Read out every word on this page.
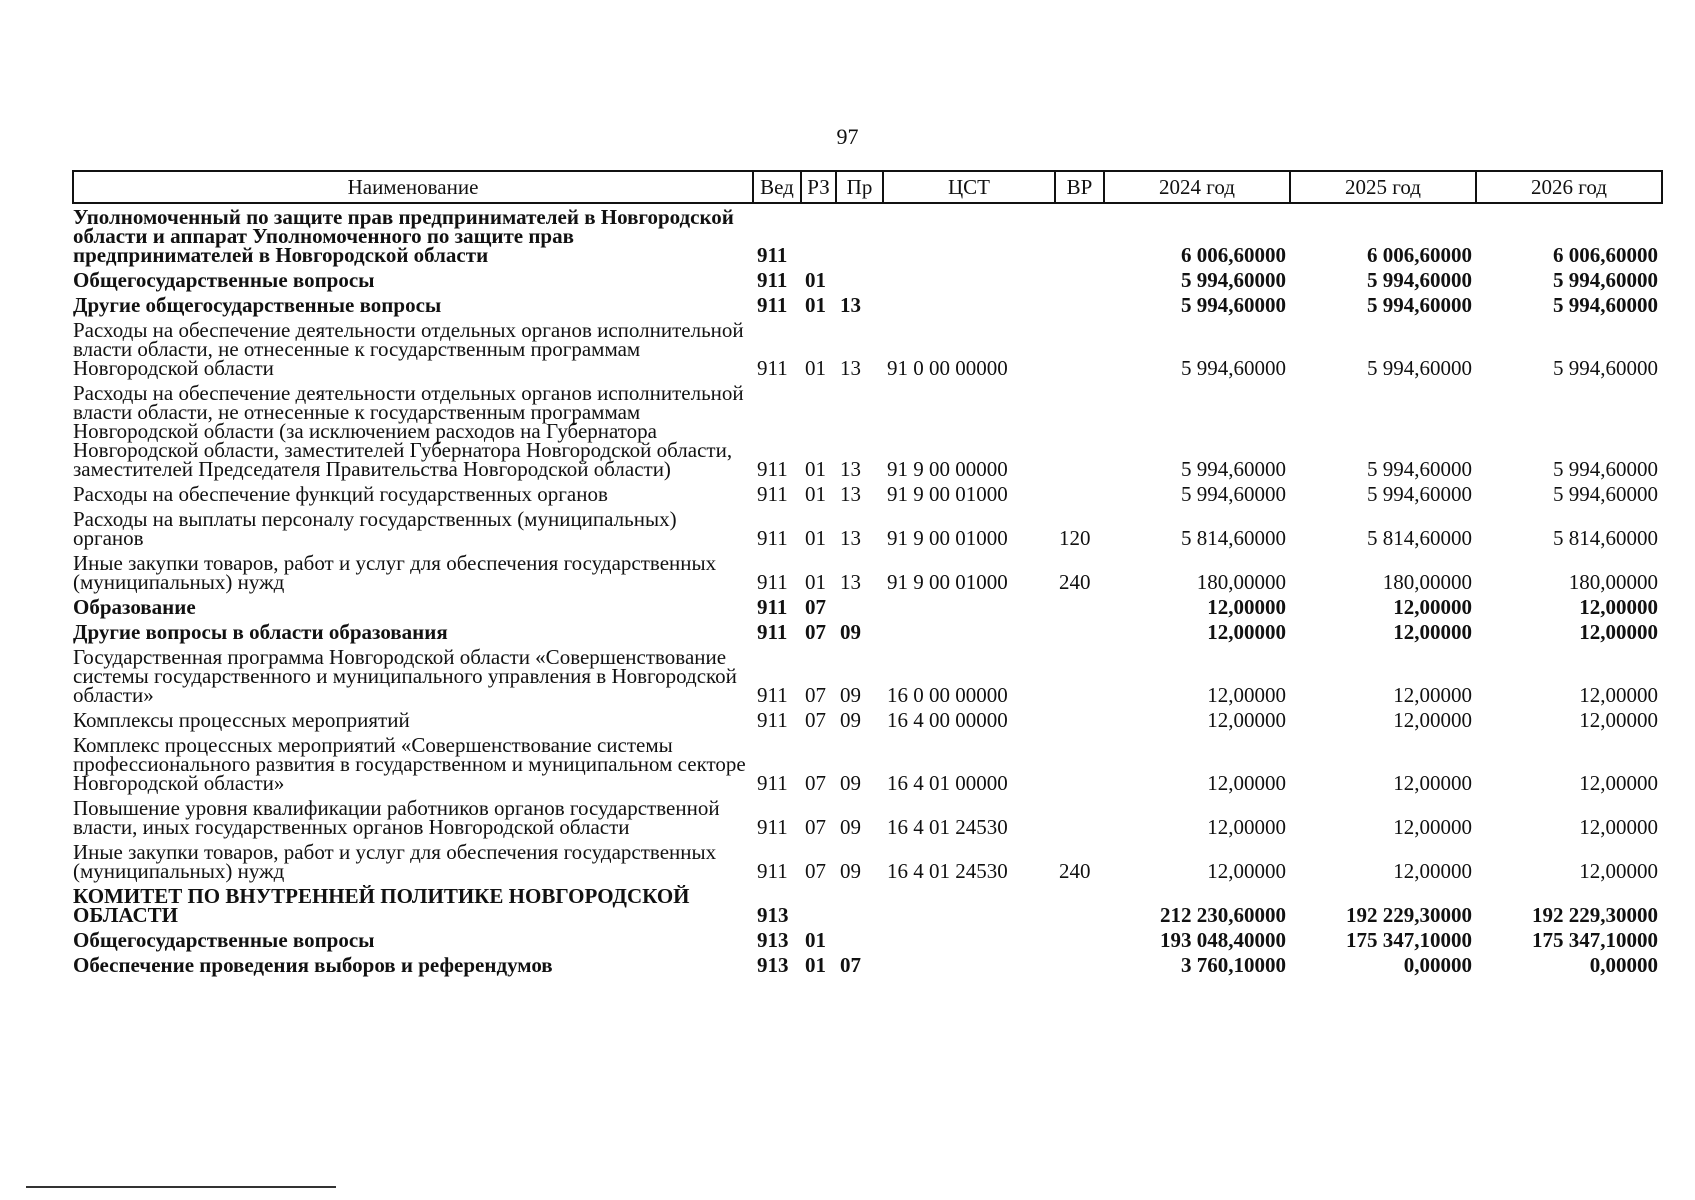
97
Наименование	Вед	РЗ	Пр	ЦСТ	ВР	2024 год	2025 год	2026 год
Уполномоченный по защите прав предпринимателей в Новгородской области и аппарат Уполномоченного по защите прав предпринимателей в Новгородской области	911					6 006,60000	6 006,60000	6 006,60000
Общегосударственные вопросы	911	01				5 994,60000	5 994,60000	5 994,60000
Другие общегосударственные вопросы	911	01	13			5 994,60000	5 994,60000	5 994,60000
Расходы на обеспечение деятельности отдельных органов исполнительной власти области, не отнесенные к государственным программам Новгородской области	911	01	13	91 0 00 00000		5 994,60000	5 994,60000	5 994,60000
Расходы на обеспечение деятельности отдельных органов исполнительной власти области, не отнесенные к государственным программам Новгородской области (за исключением расходов на Губернатора Новгородской области, заместителей Губернатора Новгородской области, заместителей Председателя Правительства Новгородской области)	911	01	13	91 9 00 00000		5 994,60000	5 994,60000	5 994,60000
Расходы на обеспечение функций государственных органов	911	01	13	91 9 00 01000		5 994,60000	5 994,60000	5 994,60000
Расходы на выплаты персоналу государственных (муниципальных) органов	911	01	13	91 9 00 01000	120	5 814,60000	5 814,60000	5 814,60000
Иные закупки товаров, работ и услуг для обеспечения государственных (муниципальных) нужд	911	01	13	91 9 00 01000	240	180,00000	180,00000	180,00000
Образование	911	07				12,00000	12,00000	12,00000
Другие вопросы в области образования	911	07	09			12,00000	12,00000	12,00000
Государственная программа Новгородской области «Совершенствование системы государственного и муниципального управления в Новгородской области»	911	07	09	16 0 00 00000		12,00000	12,00000	12,00000
Комплексы процессных мероприятий	911	07	09	16 4 00 00000		12,00000	12,00000	12,00000
Комплекс процессных мероприятий «Совершенствование системы профессионального развития в государственном и муниципальном секторе Новгородской области»	911	07	09	16 4 01 00000		12,00000	12,00000	12,00000
Повышение уровня квалификации работников органов государственной власти, иных государственных органов Новгородской области	911	07	09	16 4 01 24530		12,00000	12,00000	12,00000
Иные закупки товаров, работ и услуг для обеспечения государственных (муниципальных) нужд	911	07	09	16 4 01 24530	240	12,00000	12,00000	12,00000
КОМИТЕТ ПО ВНУТРЕННЕЙ ПОЛИТИКЕ НОВГОРОДСКОЙ ОБЛАСТИ	913					212 230,60000	192 229,30000	192 229,30000
Общегосударственные вопросы	913	01				193 048,40000	175 347,10000	175 347,10000
Обеспечение проведения выборов и референдумов	913	01	07			3 760,10000	0,00000	0,00000
